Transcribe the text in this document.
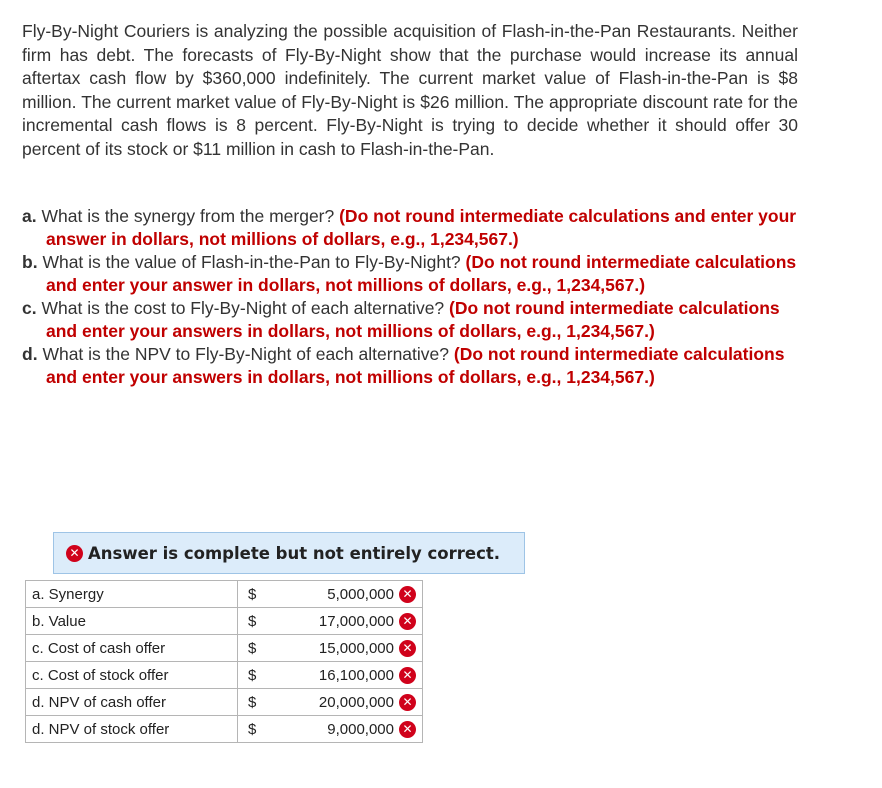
Fly-By-Night Couriers is analyzing the possible acquisition of Flash-in-the-Pan Restaurants. Neither firm has debt. The forecasts of Fly-By-Night show that the purchase would increase its annual aftertax cash flow by $360,000 indefinitely. The current market value of Flash-in-the-Pan is $8 million. The current market value of Fly-By-Night is $26 million. The appropriate discount rate for the incremental cash flows is 8 percent. Fly-By-Night is trying to decide whether it should offer 30 percent of its stock or $11 million in cash to Flash-in-the-Pan.

a. What is the synergy from the merger? (Do not round intermediate calculations and enter your answer in dollars, not millions of dollars, e.g., 1,234,567.)
b. What is the value of Flash-in-the-Pan to Fly-By-Night? (Do not round intermediate calculations and enter your answer in dollars, not millions of dollars, e.g., 1,234,567.)
c. What is the cost to Fly-By-Night of each alternative? (Do not round intermediate calculations and enter your answers in dollars, not millions of dollars, e.g., 1,234,567.)
d. What is the NPV to Fly-By-Night of each alternative? (Do not round intermediate calculations and enter your answers in dollars, not millions of dollars, e.g., 1,234,567.)
✕ Answer is complete but not entirely correct.
a. Synergy	$ 5,000,000 ✕

b. Value	$ 17,000,000 ✕

c. Cost of cash offer	$ 15,000,000 ✕

c. Cost of stock offer	$ 16,100,000 ✕

d. NPV of cash offer	$ 20,000,000 ✕

d. NPV of stock offer	$ 9,000,000 ✕
